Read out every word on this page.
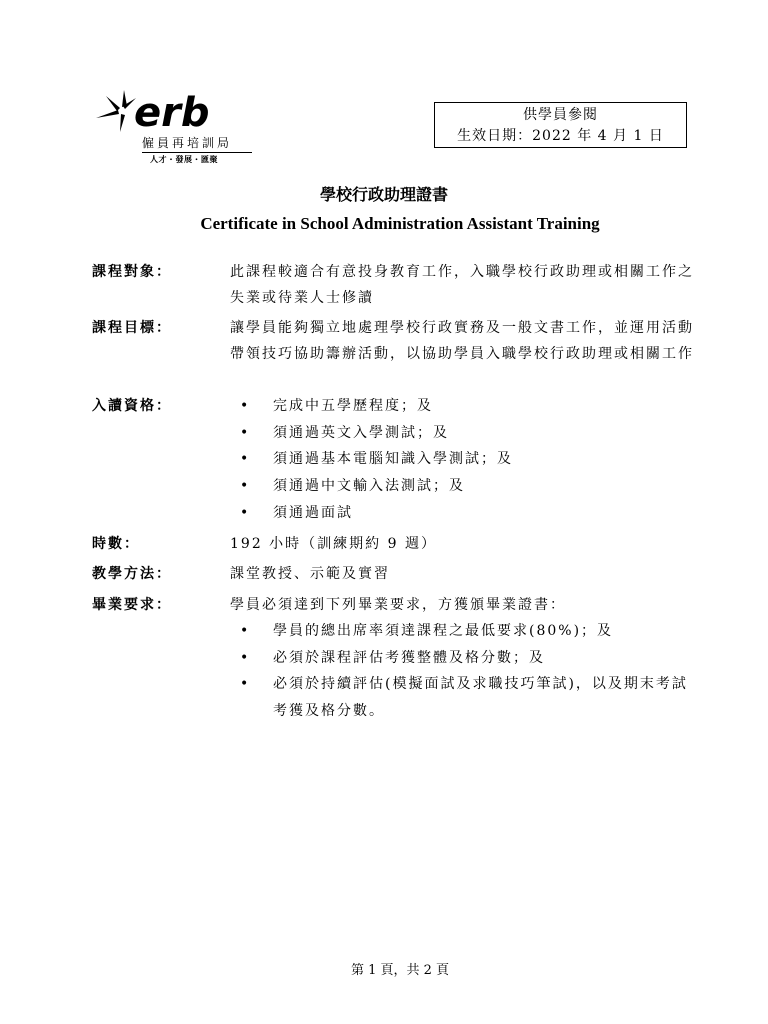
erb
僱員再培訓局
人才・發展・匯聚
供學員參閱
生效日期：2022 年 4 月 1 日
學校行政助理證書
Certificate in School Administration Assistant Training
課程對象：	此課程較適合有意投身教育工作，入職學校行政助理或相關工作之失業或待業人士修讀
課程目標：	讓學員能夠獨立地處理學校行政實務及一般文書工作，並運用活動帶領技巧協助籌辦活動，以協助學員入職學校行政助理或相關工作
入讀資格：
•	完成中五學歷程度；及
• 須通過英文入學測試；及
• 須通過基本電腦知識入學測試；及
• 須通過中文輸入法測試；及
• 須通過面試
時數：	192 小時（訓練期約 9 週）
教學方法：	課堂教授、示範及實習
畢業要求：	學員必須達到下列畢業要求，方獲頒畢業證書：
• 學員的總出席率須達課程之最低要求(80%)；及
• 必須於課程評估考獲整體及格分數；及
• 必須於持續評估(模擬面試及求職技巧筆試)，以及期末考試考獲及格分數。
第 1 頁，共 2 頁
